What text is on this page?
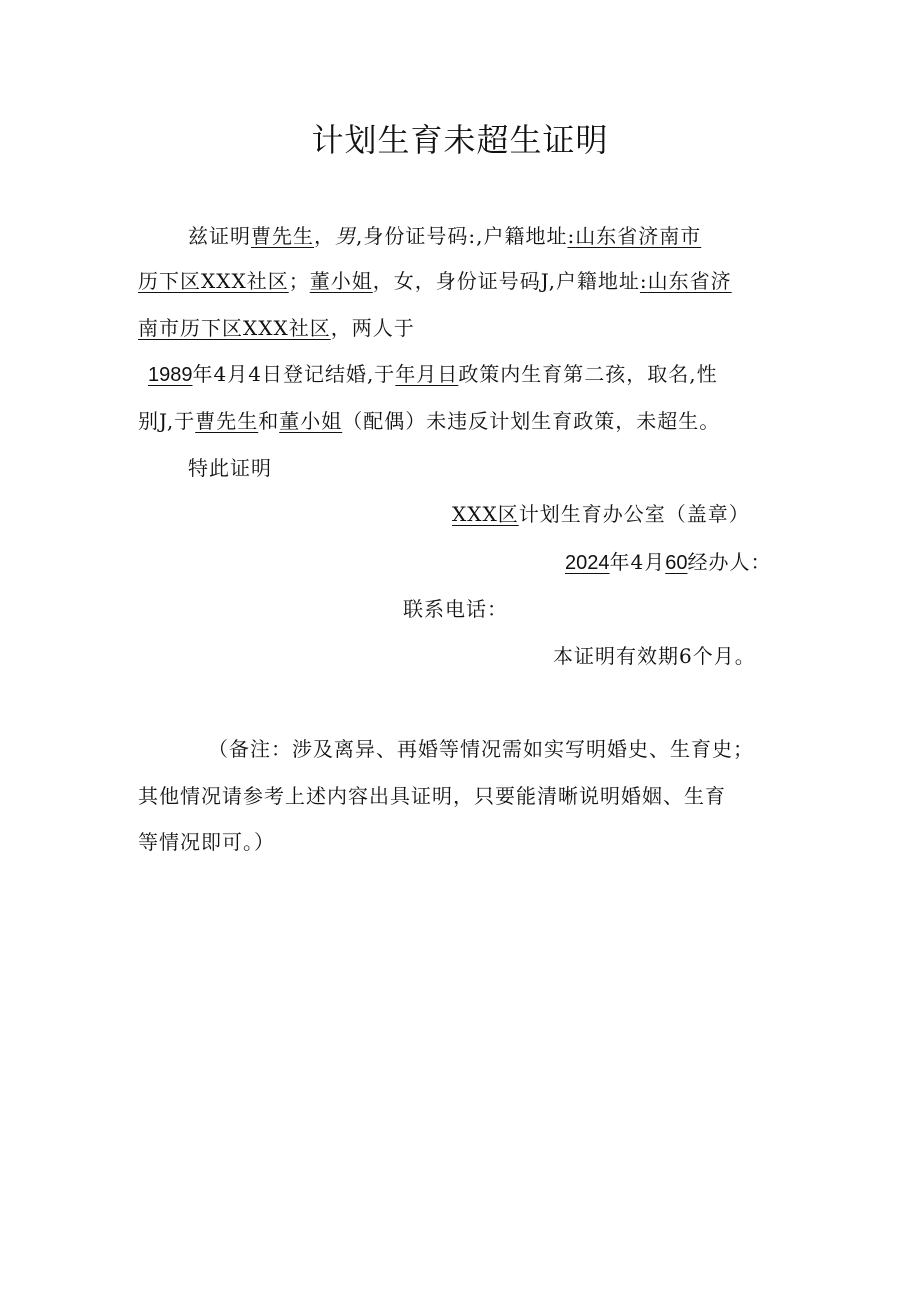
计划生育未超生证明
兹证明曹先生，男,身份证号码:,户籍地址:山东省济南市
历下区XXX社区；董小姐，女，身份证号码J,户籍地址:山东省济
南市历下区XXX社区，两人于
1989年4月4日登记结婚,于年月日政策内生育第二孩，取名,性
别J,于曹先生和董小姐（配偶）未违反计划生育政策，未超生。
特此证明
XXX区计划生育办公室（盖章）
2024年4月60经办人：
联系电话：
本证明有效期6个月。
（备注：涉及离异、再婚等情况需如实写明婚史、生育史；
其他情况请参考上述内容出具证明，只要能清晰说明婚姻、生育
等情况即可。）
